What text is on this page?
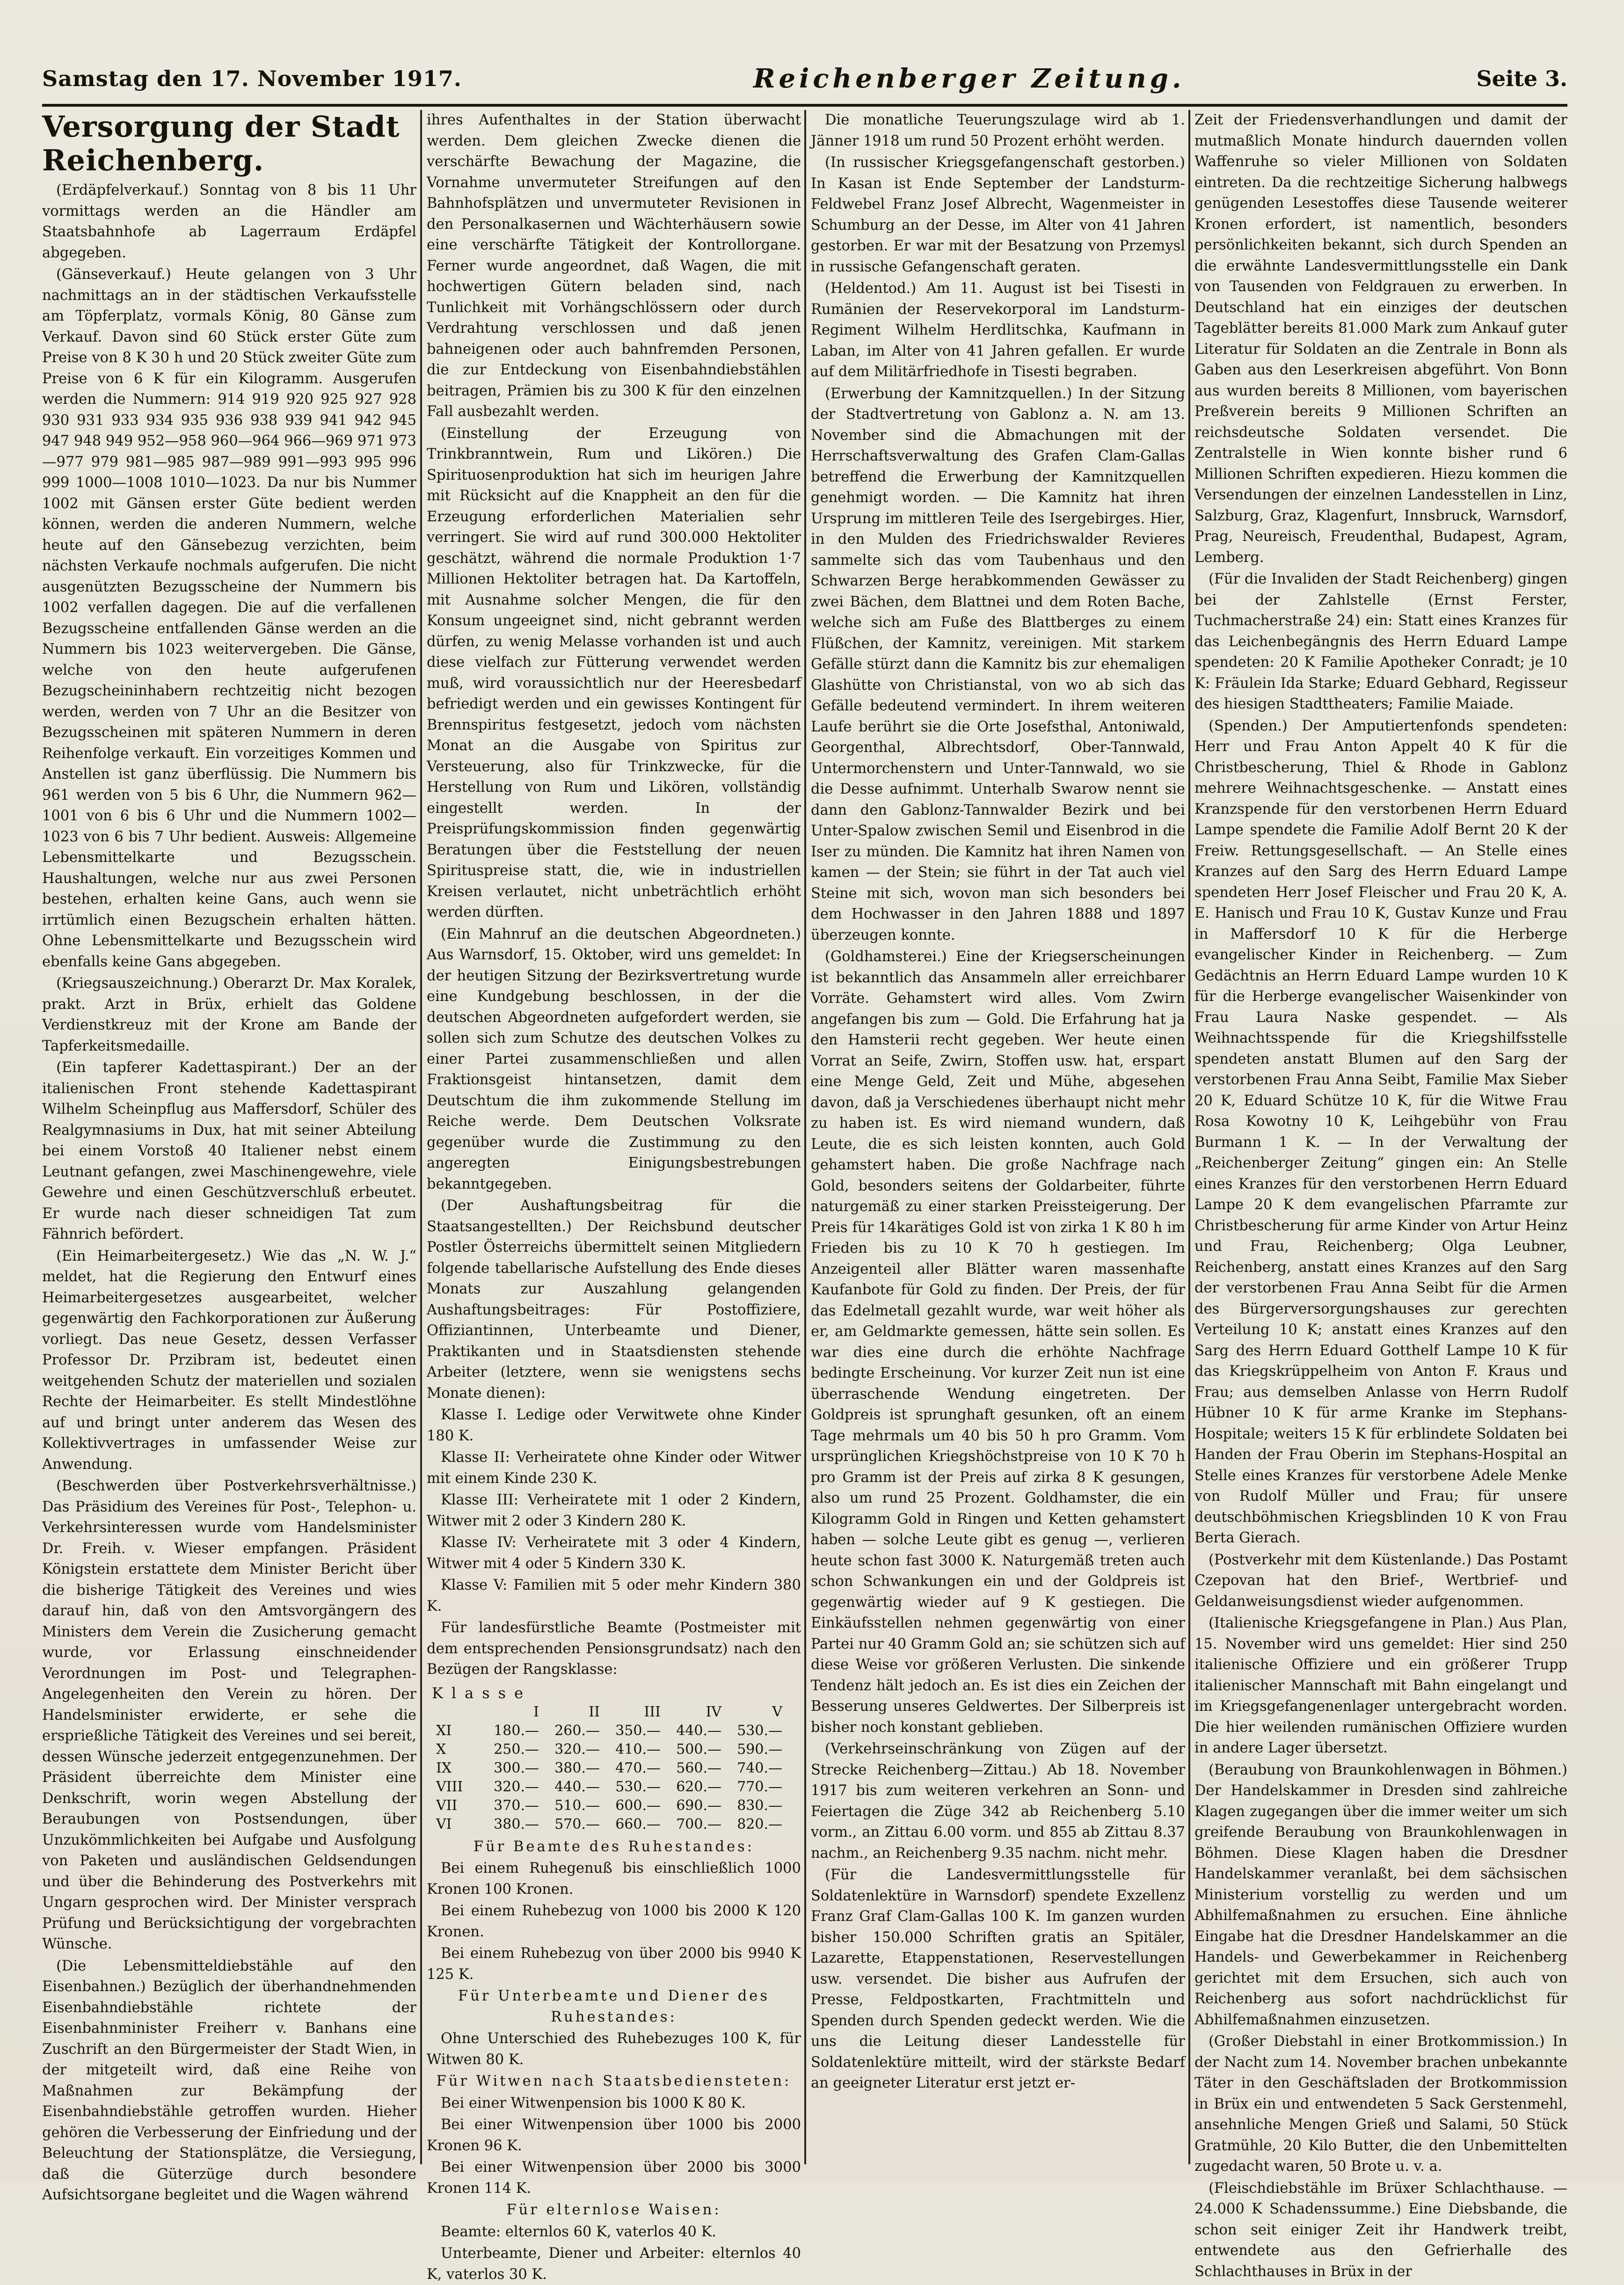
Samstag den 17. November 1917.	Reichenberger Zeitung.	Seite 3.
Versorgung der Stadt Reichenberg.

(Erdäpfelverkauf.) Sonntag von 8 bis 11 Uhr vormittags werden an die Händler am Staatsbahnhofe ab Lagerraum Erdäpfel abgegeben.

(Gänseverkauf.) Heute gelangen von 3 Uhr nachmittags an in der städtischen Verkaufsstelle am Töpferplatz, vormals König, 80 Gänse zum Verkauf. Davon sind 60 Stück erster Güte zum Preise von 8 K 30 h und 20 Stück zweiter Güte zum Preise von 6 K für ein Kilogramm. Ausgerufen werden die Nummern: 914 919 920 925 927 928 930 931 933 934 935 936 938 939 941 942 945 947 948 949 952—958 960—964 966—969 971 973—977 979 981—985 987—989 991—993 995 996 999 1000—1008 1010—1023. Da nur bis Nummer 1002 mit Gänsen erster Güte bedient werden können, werden die anderen Nummern, welche heute auf den Gänsebezug verzichten, beim nächsten Verkaufe nochmals aufgerufen. Die nicht ausgenützten Bezugsscheine der Nummern bis 1002 verfallen dagegen. Die auf die verfallenen Bezugsscheine entfallenden Gänse werden an die Nummern bis 1023 weitervergeben. Die Gänse, welche von den heute aufgerufenen Bezugscheininhabern rechtzeitig nicht bezogen werden, werden von 7 Uhr an die Besitzer von Bezugsscheinen mit späteren Nummern in deren Reihenfolge verkauft. Ein vorzeitiges Kommen und Anstellen ist ganz überflüssig. Die Nummern bis 961 werden von 5 bis 6 Uhr, die Nummern 962—1001 von 6 bis 6 Uhr und die Nummern 1002—1023 von 6 bis 7 Uhr bedient. Ausweis: Allgemeine Lebensmittelkarte und Bezugsschein. Haushaltungen, welche nur aus zwei Personen bestehen, erhalten keine Gans, auch wenn sie irrtümlich einen Bezugschein erhalten hätten. Ohne Lebensmittelkarte und Bezugsschein wird ebenfalls keine Gans abgegeben.

(Kriegsauszeichnung.) Oberarzt Dr. Max Koralek, prakt. Arzt in Brüx, erhielt das Goldene Verdienstkreuz mit der Krone am Bande der Tapferkeitsmedaille.

(Ein tapferer Kadettaspirant.) Der an der italienischen Front stehende Kadettaspirant Wilhelm Scheinpflug aus Maffersdorf, Schüler des Realgymnasiums in Dux, hat mit seiner Abteilung bei einem Vorstoß 40 Italiener nebst einem Leutnant gefangen, zwei Maschinengewehre, viele Gewehre und einen Geschützverschluß erbeutet. Er wurde nach dieser schneidigen Tat zum Fähnrich befördert.

(Ein Heimarbeitergesetz.) Wie das „N. W. J.“ meldet, hat die Regierung den Entwurf eines Heimarbeitergesetzes ausgearbeitet, welcher gegenwärtig den Fachkorporationen zur Äußerung vorliegt. Das neue Gesetz, dessen Verfasser Professor Dr. Przibram ist, bedeutet einen weitgehenden Schutz der materiellen und sozialen Rechte der Heimarbeiter. Es stellt Mindestlöhne auf und bringt unter anderem das Wesen des Kollektivvertrages in umfassender Weise zur Anwendung.

(Beschwerden über Postverkehrsverhältnisse.) Das Präsidium des Vereines für Post-, Telephon- u. Verkehrsinteressen wurde vom Handelsminister Dr. Freih. v. Wieser empfangen. Präsident Königstein erstattete dem Minister Bericht über die bisherige Tätigkeit des Vereines und wies darauf hin, daß von den Amtsvorgängern des Ministers dem Verein die Zusicherung gemacht wurde, vor Erlassung einschneidender Verordnungen im Post- und Telegraphen-Angelegenheiten den Verein zu hören. Der Handelsminister erwiderte, er sehe die ersprießliche Tätigkeit des Vereines und sei bereit, dessen Wünsche jederzeit entgegenzunehmen. Der Präsident überreichte dem Minister eine Denkschrift, worin wegen Abstellung der Beraubungen von Postsendungen, über Unzukömmlichkeiten bei Aufgabe und Ausfolgung von Paketen und ausländischen Geldsendungen und über die Behinderung des Postverkehrs mit Ungarn gesprochen wird. Der Minister versprach Prüfung und Berücksichtigung der vorgebrachten Wünsche.

(Die Lebensmitteldiebstähle auf den Eisenbahnen.) Bezüglich der überhandnehmenden Eisenbahndiebstähle richtete der Eisenbahnminister Freiherr v. Banhans eine Zuschrift an den Bürgermeister der Stadt Wien, in der mitgeteilt wird, daß eine Reihe von Maßnahmen zur Bekämpfung der Eisenbahndiebstähle getroffen wurden. Hieher gehören die Verbesserung der Einfriedung und der Beleuchtung der Stationsplätze, die Versiegung, daß die Güterzüge durch besondere Aufsichtsorgane begleitet und die Wagen während

ihres Aufenthaltes in der Station überwacht werden. Dem gleichen Zwecke dienen die verschärfte Bewachung der Magazine, die Vornahme unvermuteter Streifungen auf den Bahnhofsplätzen und unvermuteter Revisionen in den Personalkasernen und Wächterhäusern sowie eine verschärfte Tätigkeit der Kontrollorgane. Ferner wurde angeordnet, daß Wagen, die mit hochwertigen Gütern beladen sind, nach Tunlichkeit mit Vorhängschlössern oder durch Verdrahtung verschlossen und daß jenen bahneigenen oder auch bahnfremden Personen, die zur Entdeckung von Eisenbahndiebstählen beitragen, Prämien bis zu 300 K für den einzelnen Fall ausbezahlt werden.

(Einstellung der Erzeugung von Trinkbranntwein, Rum und Likören.) Die Spirituosenproduktion hat sich im heurigen Jahre mit Rücksicht auf die Knappheit an den für die Erzeugung erforderlichen Materialien sehr verringert. Sie wird auf rund 300.000 Hektoliter geschätzt, während die normale Produktion 1·7 Millionen Hektoliter betragen hat. Da Kartoffeln, mit Ausnahme solcher Mengen, die für den Konsum ungeeignet sind, nicht gebrannt werden dürfen, zu wenig Melasse vorhanden ist und auch diese vielfach zur Fütterung verwendet werden muß, wird voraussichtlich nur der Heeresbedarf befriedigt werden und ein gewisses Kontingent für Brennspiritus festgesetzt, jedoch vom nächsten Monat an die Ausgabe von Spiritus zur Versteuerung, also für Trinkzwecke, für die Herstellung von Rum und Likören, vollständig eingestellt werden. In der Preisprüfungskommission finden gegenwärtig Beratungen über die Feststellung der neuen Spirituspreise statt, die, wie in industriellen Kreisen verlautet, nicht unbeträchtlich erhöht werden dürften.

(Ein Mahnruf an die deutschen Abgeordneten.) Aus Warnsdorf, 15. Oktober, wird uns gemeldet: In der heutigen Sitzung der Bezirksvertretung wurde eine Kundgebung beschlossen, in der die deutschen Abgeordneten aufgefordert werden, sie sollen sich zum Schutze des deutschen Volkes zu einer Partei zusammenschließen und allen Fraktionsgeist hintansetzen, damit dem Deutschtum die ihm zukommende Stellung im Reiche werde. Dem Deutschen Volksrate gegenüber wurde die Zustimmung zu den angeregten Einigungsbestrebungen bekanntgegeben.

(Der Aushaftungsbeitrag für die Staatsangestellten.) Der Reichsbund deutscher Postler Österreichs übermittelt seinen Mitgliedern folgende tabellarische Aufstellung des Ende dieses Monats zur Auszahlung gelangenden Aushaftungsbeitrages: Für Postoffiziere, Offiziantinnen, Unterbeamte und Diener, Praktikanten und in Staatsdiensten stehende Arbeiter (letztere, wenn sie wenigstens sechs Monate dienen):

Klasse I. Ledige oder Verwitwete ohne Kinder 180 K.

Klasse II: Verheiratete ohne Kinder oder Witwer mit einem Kinde 230 K.

Klasse III: Verheiratete mit 1 oder 2 Kindern, Witwer mit 2 oder 3 Kindern 280 K.

Klasse IV: Verheiratete mit 3 oder 4 Kindern, Witwer mit 4 oder 5 Kindern 330 K.

Klasse V: Familien mit 5 oder mehr Kindern 380 K.

Für landesfürstliche Beamte (Postmeister mit dem entsprechenden Pensionsgrundsatz) nach den Bezügen der Rangsklasse:

Klasse					
	I	II	III	IV	V
XI	180.—	260.—	350.—	440.—	530.—
X	250.—	320.—	410.—	500.—	590.—
IX	300.—	380.—	470.—	560.—	740.—
VIII	320.—	440.—	530.—	620.—	770.—
VII	370.—	510.—	600.—	690.—	830.—
VI	380.—	570.—	660.—	700.—	820.—

Für Beamte des Ruhestandes:

Bei einem Ruhegenuß bis einschließlich 1000 Kronen 100 Kronen.

Bei einem Ruhebezug von 1000 bis 2000 K 120 Kronen.

Bei einem Ruhebezug von über 2000 bis 9940 K 125 K.

Für Unterbeamte und Diener des Ruhestandes:

Ohne Unterschied des Ruhebezuges 100 K, für Witwen 80 K.

Für Witwen nach Staatsbediensteten:

Bei einer Witwenpension bis 1000 K 80 K.

Bei einer Witwenpension über 1000 bis 2000 Kronen 96 K.

Bei einer Witwenpension über 2000 bis 3000 Kronen 114 K.

Für elternlose Waisen:

Beamte: elternlos 60 K, vaterlos 40 K.

Unterbeamte, Diener und Arbeiter: elternlos 40 K, vaterlos 30 K.

Die monatliche Teuerungszulage wird ab 1. Jänner 1918 um rund 50 Prozent erhöht werden.

(In russischer Kriegsgefangenschaft gestorben.) In Kasan ist Ende September der Landsturm-Feldwebel Franz Josef Albrecht, Wagenmeister in Schumburg an der Desse, im Alter von 41 Jahren gestorben. Er war mit der Besatzung von Przemysl in russische Gefangenschaft geraten.

(Heldentod.) Am 11. August ist bei Tisesti in Rumänien der Reservekorporal im Landsturm-Regiment Wilhelm Herdlitschka, Kaufmann in Laban, im Alter von 41 Jahren gefallen. Er wurde auf dem Militärfriedhofe in Tisesti begraben.

(Erwerbung der Kamnitzquellen.) In der Sitzung der Stadtvertretung von Gablonz a. N. am 13. November sind die Abmachungen mit der Herrschaftsverwaltung des Grafen Clam-Gallas betreffend die Erwerbung der Kamnitzquellen genehmigt worden. — Die Kamnitz hat ihren Ursprung im mittleren Teile des Isergebirges. Hier, in den Mulden des Friedrichswalder Revieres sammelte sich das vom Taubenhaus und den Schwarzen Berge herabkommenden Gewässer zu zwei Bächen, dem Blattnei und dem Roten Bache, welche sich am Fuße des Blattberges zu einem Flüßchen, der Kamnitz, vereinigen. Mit starkem Gefälle stürzt dann die Kamnitz bis zur ehemaligen Glashütte von Christianstal, von wo ab sich das Gefälle bedeutend vermindert. In ihrem weiteren Laufe berührt sie die Orte Josefsthal, Antoniwald, Georgenthal, Albrechtsdorf, Ober-Tannwald, Untermorchenstern und Unter-Tannwald, wo sie die Desse aufnimmt. Unterhalb Swarow nennt sie dann den Gablonz-Tannwalder Bezirk und bei Unter-Spalow zwischen Semil und Eisenbrod in die Iser zu münden. Die Kamnitz hat ihren Namen von kamen — der Stein; sie führt in der Tat auch viel Steine mit sich, wovon man sich besonders bei dem Hochwasser in den Jahren 1888 und 1897 überzeugen konnte.

(Goldhamsterei.) Eine der Kriegserscheinungen ist bekanntlich das Ansammeln aller erreichbarer Vorräte. Gehamstert wird alles. Vom Zwirn angefangen bis zum — Gold. Die Erfahrung hat ja den Hamsterii recht gegeben. Wer heute einen Vorrat an Seife, Zwirn, Stoffen usw. hat, erspart eine Menge Geld, Zeit und Mühe, abgesehen davon, daß ja Verschiedenes überhaupt nicht mehr zu haben ist. Es wird niemand wundern, daß Leute, die es sich leisten konnten, auch Gold gehamstert haben. Die große Nachfrage nach Gold, besonders seitens der Goldarbeiter, führte naturgemäß zu einer starken Preissteigerung. Der Preis für 14karätiges Gold ist von zirka 1 K 80 h im Frieden bis zu 10 K 70 h gestiegen. Im Anzeigenteil aller Blätter waren massenhafte Kaufanbote für Gold zu finden. Der Preis, der für das Edelmetall gezahlt wurde, war weit höher als er, am Geldmarkte gemessen, hätte sein sollen. Es war dies eine durch die erhöhte Nachfrage bedingte Erscheinung. Vor kurzer Zeit nun ist eine überraschende Wendung eingetreten. Der Goldpreis ist sprunghaft gesunken, oft an einem Tage mehrmals um 40 bis 50 h pro Gramm. Vom ursprünglichen Kriegshöchstpreise von 10 K 70 h pro Gramm ist der Preis auf zirka 8 K gesungen, also um rund 25 Prozent. Goldhamster, die ein Kilogramm Gold in Ringen und Ketten gehamstert haben — solche Leute gibt es genug —, verlieren heute schon fast 3000 K. Naturgemäß treten auch schon Schwankungen ein und der Goldpreis ist gegenwärtig wieder auf 9 K gestiegen. Die Einkäufsstellen nehmen gegenwärtig von einer Partei nur 40 Gramm Gold an; sie schützen sich auf diese Weise vor größeren Verlusten. Die sinkende Tendenz hält jedoch an. Es ist dies ein Zeichen der Besserung unseres Geldwertes. Der Silberpreis ist bisher noch konstant geblieben.

(Verkehrseinschränkung von Zügen auf der Strecke Reichenberg—Zittau.) Ab 18. November 1917 bis zum weiteren verkehren an Sonn- und Feiertagen die Züge 342 ab Reichenberg 5.10 vorm., an Zittau 6.00 vorm. und 855 ab Zittau 8.37 nachm., an Reichenberg 9.35 nachm. nicht mehr.

(Für die Landesvermittlungsstelle für Soldatenlektüre in Warnsdorf) spendete Exzellenz Franz Graf Clam-Gallas 100 K. Im ganzen wurden bisher 150.000 Schriften gratis an Spitäler, Lazarette, Etappenstationen, Reservestellungen usw. versendet. Die bisher aus Aufrufen der Presse, Feldpostkarten, Frachtmitteln und Spenden durch Spenden gedeckt werden. Wie die uns die Leitung dieser Landesstelle für Soldatenlektüre mitteilt, wird der stärkste Bedarf an geeigneter Literatur erst jetzt er-

Zeit der Friedensverhandlungen und damit der mutmaßlich Monate hindurch dauernden vollen Waffenruhe so vieler Millionen von Soldaten eintreten. Da die rechtzeitige Sicherung halbwegs genügenden Lesestoffes diese Tausende weiterer Kronen erfordert, ist namentlich, besonders persönlichkeiten bekannt, sich durch Spenden an die erwähnte Landesvermittlungsstelle ein Dank von Tausenden von Feldgrauen zu erwerben. In Deutschland hat ein einziges der deutschen Tageblätter bereits 81.000 Mark zum Ankauf guter Literatur für Soldaten an die Zentrale in Bonn als Gaben aus den Leserkreisen abgeführt. Von Bonn aus wurden bereits 8 Millionen, vom bayerischen Preßverein bereits 9 Millionen Schriften an reichsdeutsche Soldaten versendet. Die Zentralstelle in Wien konnte bisher rund 6 Millionen Schriften expedieren. Hiezu kommen die Versendungen der einzelnen Landesstellen in Linz, Salzburg, Graz, Klagenfurt, Innsbruck, Warnsdorf, Prag, Neureisch, Freudenthal, Budapest, Agram, Lemberg.

(Für die Invaliden der Stadt Reichenberg) gingen bei der Zahlstelle (Ernst Ferster, Tuchmacherstraße 24) ein: Statt eines Kranzes für das Leichenbegängnis des Herrn Eduard Lampe spendeten: 20 K Familie Apotheker Conradt; je 10 K: Fräulein Ida Starke; Eduard Gebhard, Regisseur des hiesigen Stadttheaters; Familie Maiade.

(Spenden.) Der Amputiertenfonds spendeten: Herr und Frau Anton Appelt 40 K für die Christbescherung, Thiel & Rhode in Gablonz mehrere Weihnachtsgeschenke. — Anstatt eines Kranzspende für den verstorbenen Herrn Eduard Lampe spendete die Familie Adolf Bernt 20 K der Freiw. Rettungsgesellschaft. — An Stelle eines Kranzes auf den Sarg des Herrn Eduard Lampe spendeten Herr Josef Fleischer und Frau 20 K, A. E. Hanisch und Frau 10 K, Gustav Kunze und Frau in Maffersdorf 10 K für die Herberge evangelischer Kinder in Reichenberg. — Zum Gedächtnis an Herrn Eduard Lampe wurden 10 K für die Herberge evangelischer Waisenkinder von Frau Laura Naske gespendet. — Als Weihnachtsspende für die Kriegshilfsstelle spendeten anstatt Blumen auf den Sarg der verstorbenen Frau Anna Seibt, Familie Max Sieber 20 K, Eduard Schütze 10 K, für die Witwe Frau Rosa Kowotny 10 K, Leihgebühr von Frau Burmann 1 K. — In der Verwaltung der „Reichenberger Zeitung“ gingen ein: An Stelle eines Kranzes für den verstorbenen Herrn Eduard Lampe 20 K dem evangelischen Pfarramte zur Christbescherung für arme Kinder von Artur Heinz und Frau, Reichenberg; Olga Leubner, Reichenberg, anstatt eines Kranzes auf den Sarg der verstorbenen Frau Anna Seibt für die Armen des Bürgerversorgungshauses zur gerechten Verteilung 10 K; anstatt eines Kranzes auf den Sarg des Herrn Eduard Gotthelf Lampe 10 K für das Kriegskrüppelheim von Anton F. Kraus und Frau; aus demselben Anlasse von Herrn Rudolf Hübner 10 K für arme Kranke im Stephans-Hospitale; weiters 15 K für erblindete Soldaten bei Handen der Frau Oberin im Stephans-Hospital an Stelle eines Kranzes für verstorbene Adele Menke von Rudolf Müller und Frau; für unsere deutschböhmischen Kriegsblinden 10 K von Frau Berta Gierach.

(Postverkehr mit dem Küstenlande.) Das Postamt Czepovan hat den Brief-, Wertbrief- und Geldanweisungsdienst wieder aufgenommen.

(Italienische Kriegsgefangene in Plan.) Aus Plan, 15. November wird uns gemeldet: Hier sind 250 italienische Offiziere und ein größerer Trupp italienischer Mannschaft mit Bahn eingelangt und im Kriegsgefangenenlager untergebracht worden. Die hier weilenden rumänischen Offiziere wurden in andere Lager übersetzt.

(Beraubung von Braunkohlenwagen in Böhmen.) Der Handelskammer in Dresden sind zahlreiche Klagen zugegangen über die immer weiter um sich greifende Beraubung von Braunkohlenwagen in Böhmen. Diese Klagen haben die Dresdner Handelskammer veranlaßt, bei dem sächsischen Ministerium vorstellig zu werden und um Abhilfemaßnahmen zu ersuchen. Eine ähnliche Eingabe hat die Dresdner Handelskammer an die Handels- und Gewerbekammer in Reichenberg gerichtet mit dem Ersuchen, sich auch von Reichenberg aus sofort nachdrücklichst für Abhilfemaßnahmen einzusetzen.

(Großer Diebstahl in einer Brotkommission.) In der Nacht zum 14. November brachen unbekannte Täter in den Geschäftsladen der Brotkommission in Brüx ein und entwendeten 5 Sack Gerstenmehl, ansehnliche Mengen Grieß und Salami, 50 Stück Gratmühle, 20 Kilo Butter, die den Unbemittelten zugedacht waren, 50 Brote u. v. a.

(Fleischdiebstähle im Brüxer Schlachthause. — 24.000 K Schadenssumme.) Eine Diebsbande, die schon seit einiger Zeit ihr Handwerk treibt, entwendete aus den Gefrierhalle des Schlachthauses in Brüx in der
